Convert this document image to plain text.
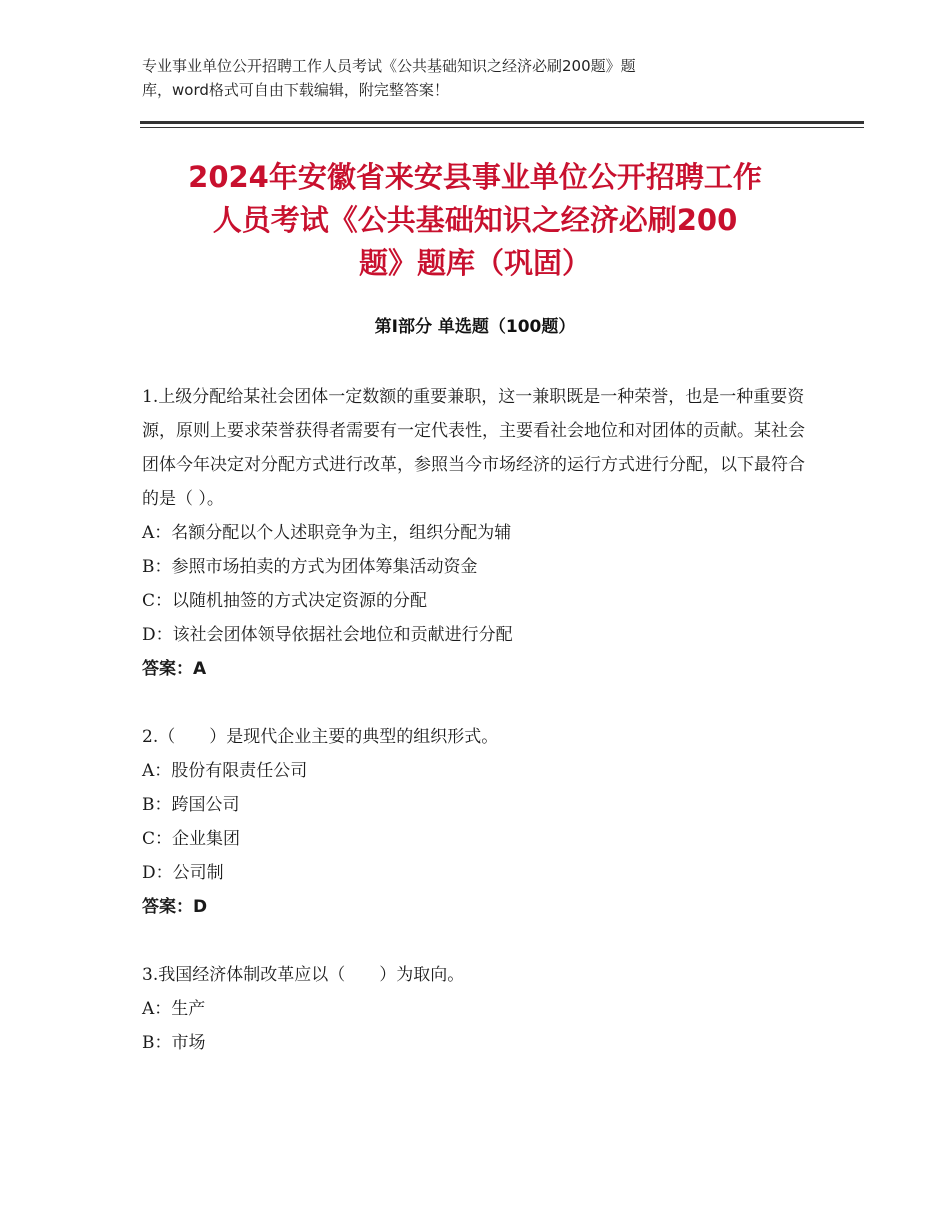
专业事业单位公开招聘工作人员考试《公共基础知识之经济必刷200题》题
库，word格式可自由下载编辑，附完整答案！
2024年安徽省来安县事业单位公开招聘工作
人员考试《公共基础知识之经济必刷200
题》题库（巩固）
第Ⅰ部分 单选题（100题）

1.上级分配给某社会团体一定数额的重要兼职，这一兼职既是一种荣誉，也是一种重要资源，原则上要求荣誉获得者需要有一定代表性，主要看社会地位和对团体的贡献。某社会团体今年决定对分配方式进行改革，参照当今市场经济的运行方式进行分配，以下最符合的是（ ）。

A：名额分配以个人述职竞争为主，组织分配为辅

B：参照市场拍卖的方式为团体筹集活动资金

C：以随机抽签的方式决定资源的分配

D：该社会团体领导依据社会地位和贡献进行分配

答案：A

2.（　　）是现代企业主要的典型的组织形式。

A：股份有限责任公司

B：跨国公司

C：企业集团

D：公司制

答案：D

3.我国经济体制改革应以（　　）为取向。

A：生产

B：市场
